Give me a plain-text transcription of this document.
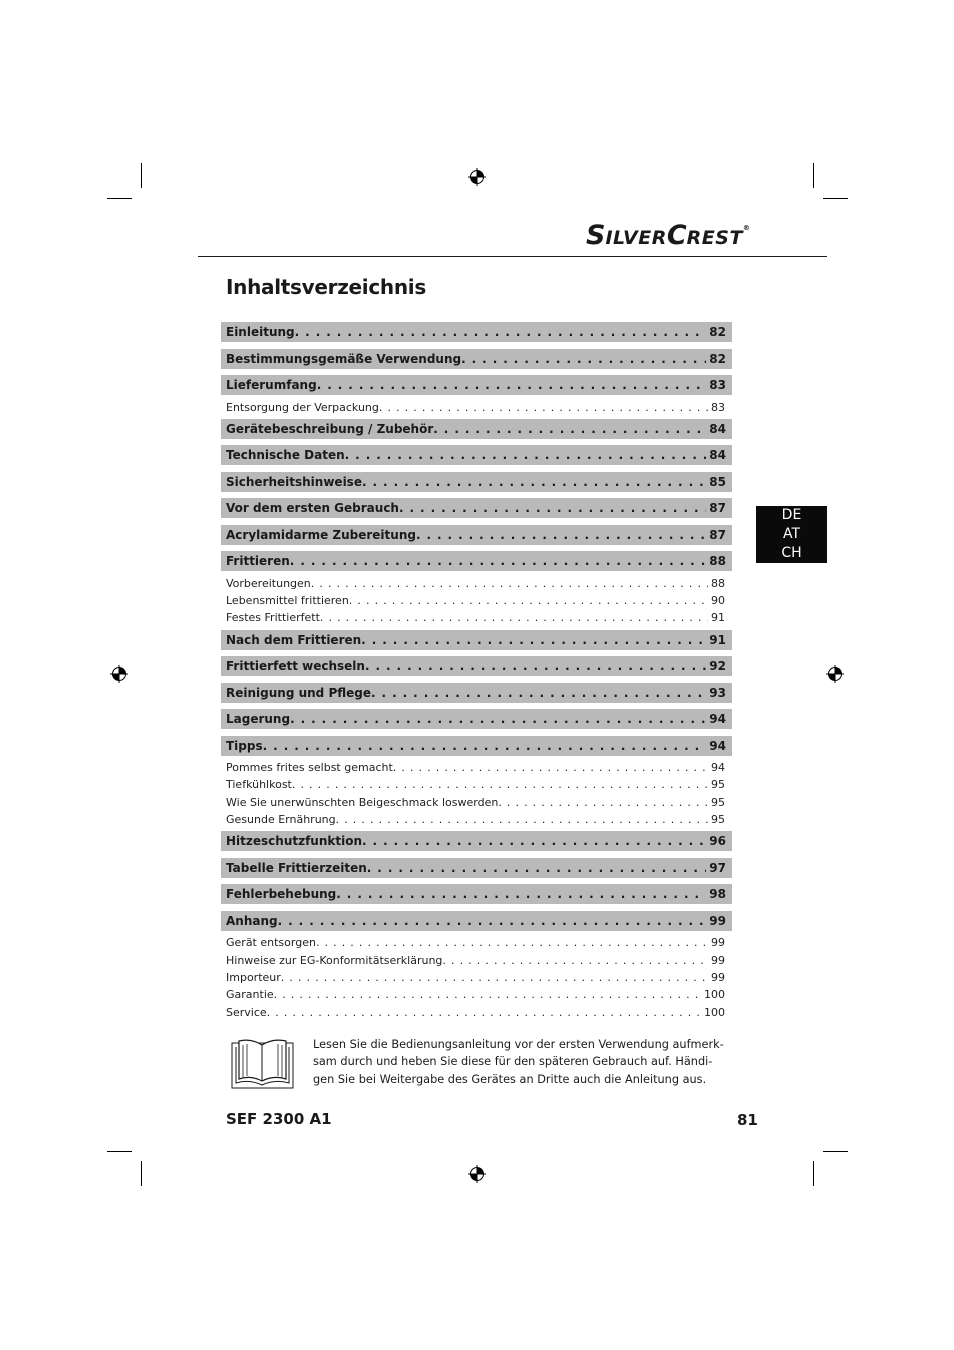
SILVERCREST®
Inhaltsverzeichnis
DE
AT
CH
Einleitung . . .	82
Bestimmungsgemäße Verwendung . . .	82
Lieferumfang . . .	83
Entsorgung der Verpackung . . .	83
Gerätebeschreibung / Zubehör . . .	84
Technische Daten . . .	84
Sicherheitshinweise . . .	85
Vor dem ersten Gebrauch . . .	87
Acrylamidarme Zubereitung . . .	87
Frittieren . . .	88
Vorbereitungen . . .	88
Lebensmittel frittieren . . .	90
Festes Frittierfett . . .	91
Nach dem Frittieren . . .	91
Frittierfett wechseln . . .	92
Reinigung und Pflege . . .	93
Lagerung . . .	94
Tipps . . .	94
Pommes frites selbst gemacht . . .	94
Tiefkühlkost . . .	95
Wie Sie unerwünschten Beigeschmack loswerden . . .	95
Gesunde Ernährung . . .	95
Hitzeschutzfunktion . . .	96
Tabelle Frittierzeiten . . .	97
Fehlerbehebung . . .	98
Anhang . . .	99
Gerät entsorgen . . .	99
Hinweise zur EG-Konformitätserklärung . . .	99
Importeur . . .	99
Garantie . . .	100
Service . . .	100

Lesen Sie die Bedienungsanleitung vor der ersten Verwendung aufmerk-
sam durch und heben Sie diese für den späteren Gebrauch auf. Händi-
gen Sie bei Weitergabe des Gerätes an Dritte auch die Anleitung aus.

SEF 2300 A1	81
